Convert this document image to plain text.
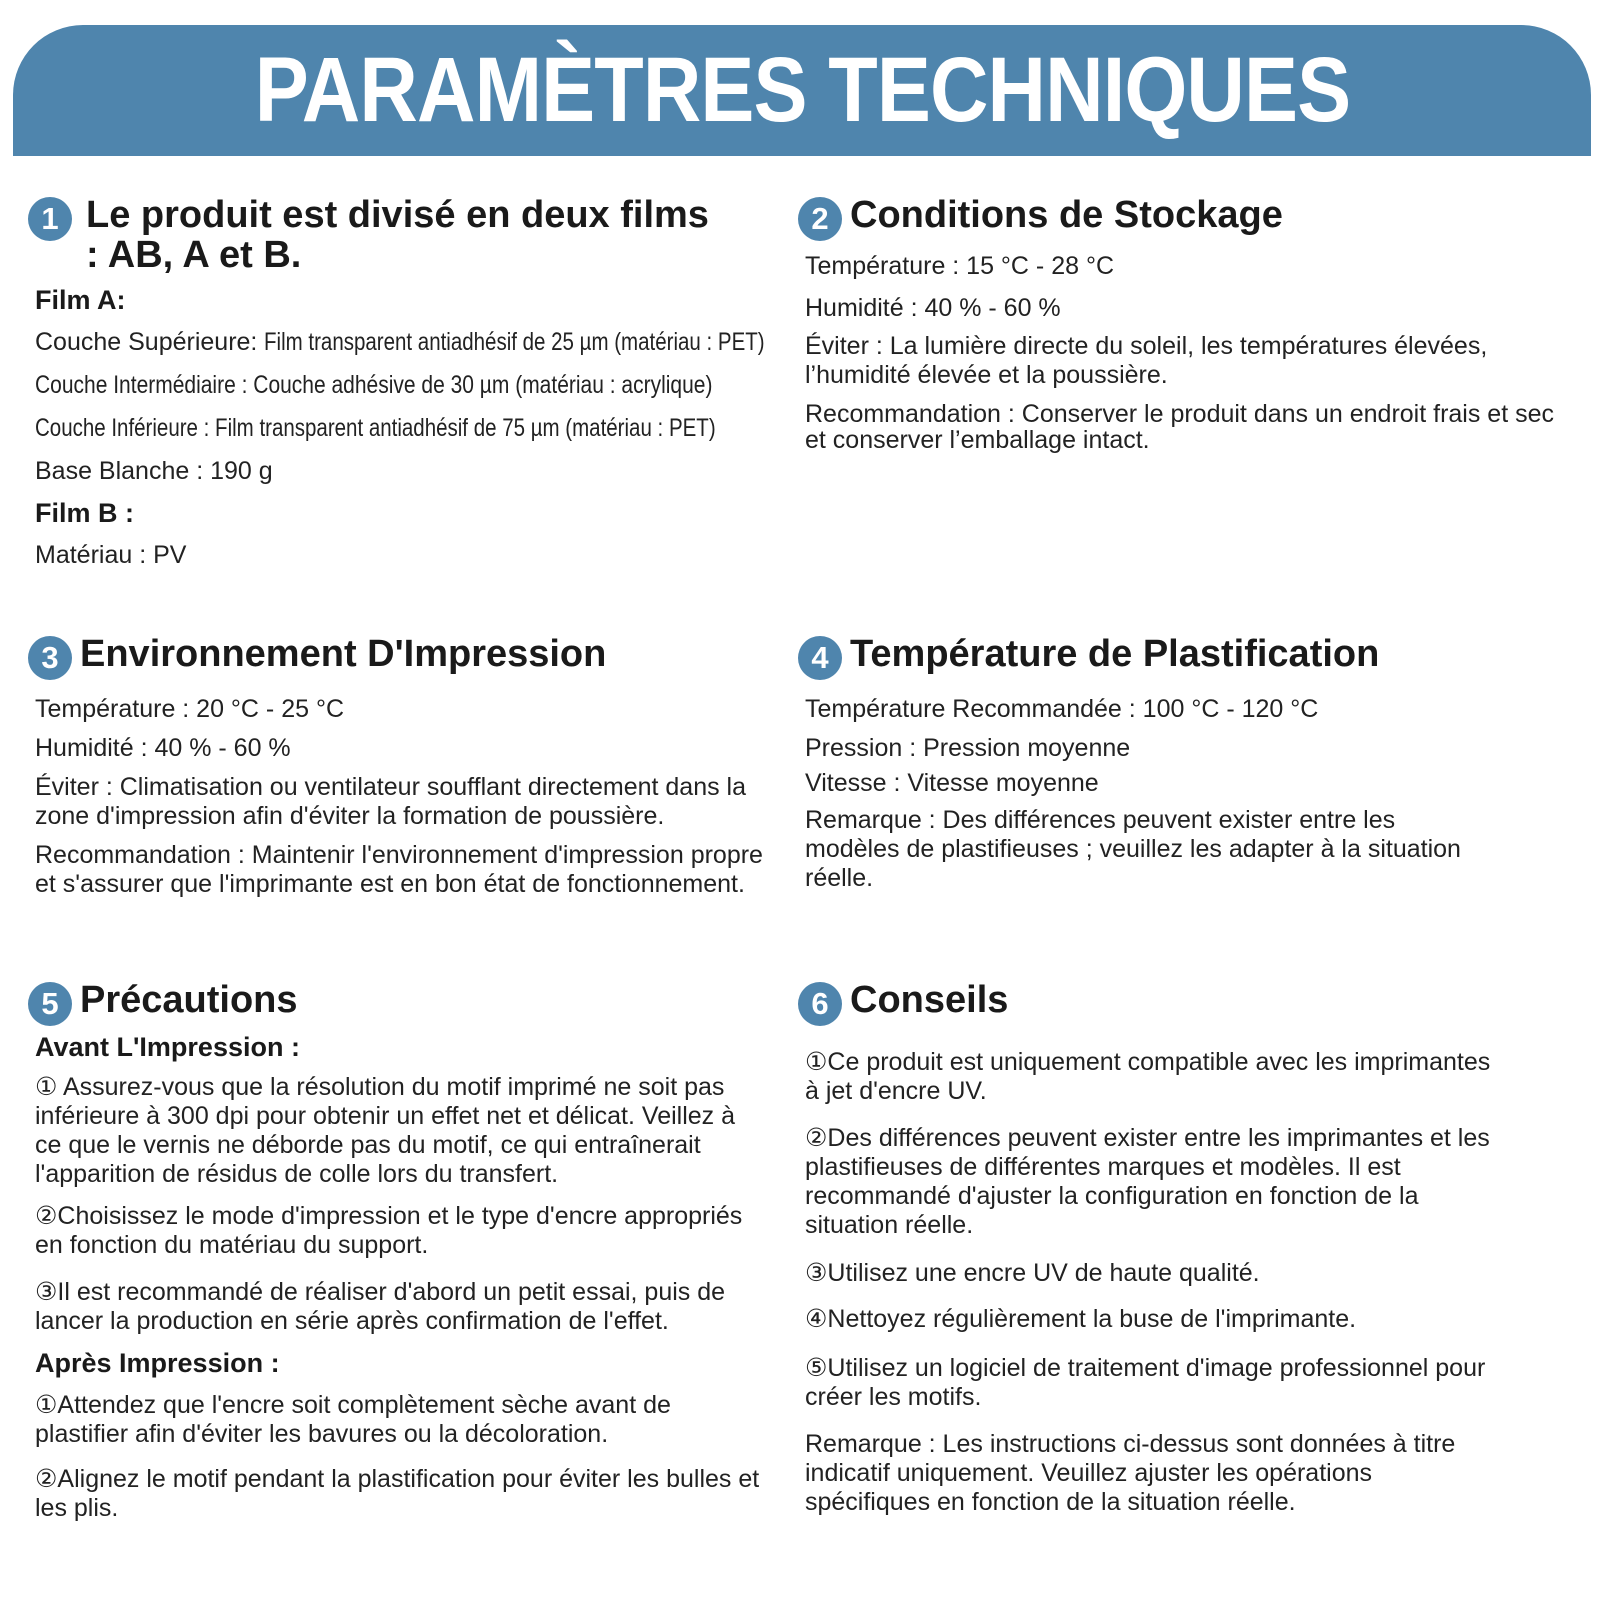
PARAMÈTRES TECHNIQUES
1 Le produit est divisé en deux films
: AB, A et B.
Film A:
Couche Supérieure: Film transparent antiadhésif de 25 µm (matériau : PET)
Couche Intermédiaire : Couche adhésive de 30 µm (matériau : acrylique)
Couche Inférieure : Film transparent antiadhésif de 75 µm (matériau : PET)
Base Blanche : 190 g
Film B :
Matériau : PV
2 Conditions de Stockage
Température : 15 °C - 28 °C
Humidité : 40 % - 60 %
Éviter : La lumière directe du soleil, les températures élevées, l’humidité élevée et la poussière.
Recommandation : Conserver le produit dans un endroit frais et sec et conserver l’emballage intact.
3 Environnement D'Impression
Température : 20 °C - 25 °C
Humidité : 40 % - 60 %
Éviter : Climatisation ou ventilateur soufflant directement dans la zone d'impression afin d'éviter la formation de poussière.
Recommandation : Maintenir l'environnement d'impression propre et s'assurer que l'imprimante est en bon état de fonctionnement.
4 Température de Plastification
Température Recommandée : 100 °C - 120 °C
Pression : Pression moyenne
Vitesse : Vitesse moyenne
Remarque : Des différences peuvent exister entre les modèles de plastifieuses ; veuillez les adapter à la situation réelle.
5 Précautions
Avant L'Impression :
① Assurez-vous que la résolution du motif imprimé ne soit pas inférieure à 300 dpi pour obtenir un effet net et délicat. Veillez à ce que le vernis ne déborde pas du motif, ce qui entraînerait l'apparition de résidus de colle lors du transfert.
②Choisissez le mode d'impression et le type d'encre appropriés en fonction du matériau du support.
③Il est recommandé de réaliser d'abord un petit essai, puis de lancer la production en série après confirmation de l'effet.
Après Impression :
①Attendez que l'encre soit complètement sèche avant de plastifier afin d'éviter les bavures ou la décoloration.
②Alignez le motif pendant la plastification pour éviter les bulles et les plis.
6 Conseils
①Ce produit est uniquement compatible avec les imprimantes à jet d'encre UV.
②Des différences peuvent exister entre les imprimantes et les plastifieuses de différentes marques et modèles. Il est recommandé d'ajuster la configuration en fonction de la situation réelle.
③Utilisez une encre UV de haute qualité.
④Nettoyez régulièrement la buse de l'imprimante.
⑤Utilisez un logiciel de traitement d'image professionnel pour créer les motifs.
Remarque : Les instructions ci-dessus sont données à titre indicatif uniquement. Veuillez ajuster les opérations spécifiques en fonction de la situation réelle.
